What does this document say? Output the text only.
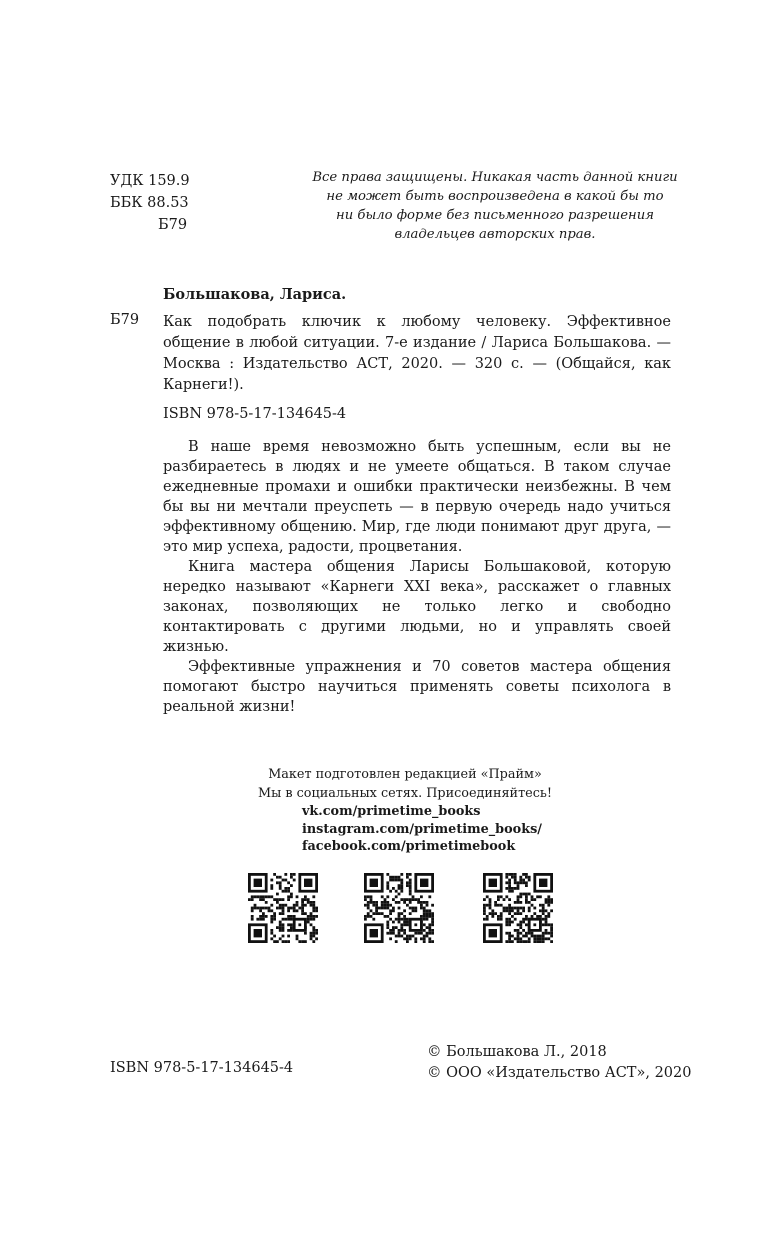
УДК 159.9
ББК 88.53
Б79
Все права защищены. Никакая часть данной книги
не может быть воспроизведена в какой бы то
ни было форме без письменного разрешения
владельцев авторских прав.
Большакова, Лариса.
Б79 Как подобрать ключик к любому человеку. Эффективное общение в любой ситуации. 7-е издание / Лариса Большакова. — Москва : Издательство АСТ, 2020. — 320 с. — (Общайся, как Карнеги!).

ISBN 978-5-17-134645-4

В наше время невозможно быть успешным, если вы не разбираетесь в людях и не умеете общаться. В таком случае ежедневные промахи и ошибки практически неизбежны. В чем бы вы ни мечтали преуспеть — в первую очередь надо учиться эффективному общению. Мир, где люди понимают друг друга, — это мир успеха, радости, процветания.

Книга мастера общения Ларисы Большаковой, которую нередко называют «Карнеги XXI века», расскажет о главных законах, позволяющих не только легко и свободно контактировать с другими людьми, но и управлять своей жизнью.

Эффективные упражнения и 70 советов мастера общения помогают быстро научиться применять советы психолога в реальной жизни!

Макет подготовлен редакцией «Прайм»
Мы в социальных сетях. Присоединяйтесь!
vk.com/primetime_books
instagram.com/primetime_books/
facebook.com/primetimebook
© Большакова Л., 2018
© ООО «Издательство АСТ», 2020
ISBN 978-5-17-134645-4
